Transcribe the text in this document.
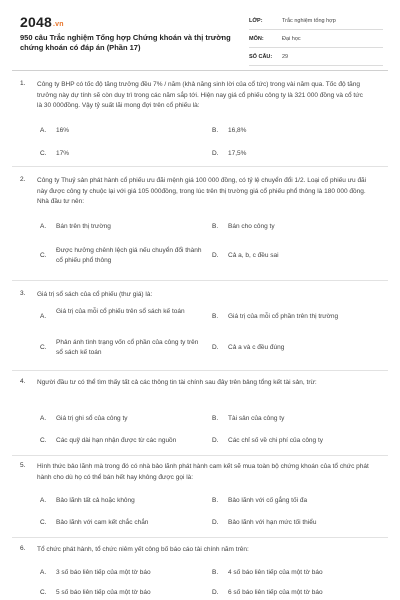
2048.vn
950 câu Trắc nghiệm Tổng hợp Chứng khoán và thị trường chứng khoán có đáp án (Phần 17)
LỚP:	Trắc nghiệm tổng hợp
MÔN:	Đại học
SỐ CÂU:	29
1. Công ty BHP có tốc độ tăng trưởng đều 7% / năm (khả năng sinh lời của cổ tức) trong vài năm qua. Tốc độ tăng trưởng này dự tính sẽ còn duy trì trong các năm sắp tới. Hiện nay giá cổ phiếu công ty là 321 000 đồng và cổ tức là 30 000đồng. Vậy tỷ suất lãi mong đợi trên cổ phiếu là:
A. 16%	B. 16,8%
C. 17%	D. 17,5%
2. Công ty Thuỷ sản phát hành cổ phiếu ưu đãi mệnh giá 100 000 đồng, có tỷ lệ chuyển đổi 1/2. Loại cổ phiếu ưu đãi này được công ty chuộc lại với giá 105 000đồng, trong lúc trên thị trường giá cổ phiếu phổ thông là 180 000 đồng. Nhà đầu tư nên:
A. Bán trên thị trường	B. Bán cho công ty
C.
Được hưởng chênh lệch giá nếu chuyển đổi thành cổ phiếu phổ thông
D. Cả a, b, c đều sai
3. Giá trị sổ sách của cổ phiếu (thư giá) là:
A.
Giá trị của mỗi cổ phiếu trên sổ sách kế toán
B. Giá trị của mỗi cổ phần trên thị trường
C.
Phản ánh tình trạng vốn cổ phần của công ty trên sổ sách kế toán
D. Cả a và c đều đúng
4. Người đầu tư có thể tìm thấy tất cả các thông tin tài chính sau đây trên bảng tổng kết tài sản, trừ:
A. Giá trị ghi sổ của công ty	B. Tài sản của công ty
C. Các quỹ dài hạn nhận được từ các nguồn	D. Các chỉ số về chi phí của công ty
5. Hình thức bảo lãnh mà trong đó có nhà bảo lãnh phát hành cam kết sẽ mua toàn bộ chứng khoán của tổ chức phát hành cho dù họ có thể bán hết hay không được gọi là:
A. Bảo lãnh tất cả hoặc không	B. Bảo lãnh với cố gắng tối đa
C. Bảo lãnh với cam kết chắc chắn	D. Bảo lãnh với hạn mức tối thiểu
6. Tổ chức phát hành, tổ chức niêm yết công bố báo cáo tài chính năm trên:
A. 3 số báo liên tiếp của một tờ báo	B. 4 số báo liên tiếp của một tờ báo
C. 5 số báo liên tiếp của một tờ báo	D. 6 số báo liên tiếp của một tờ báo
